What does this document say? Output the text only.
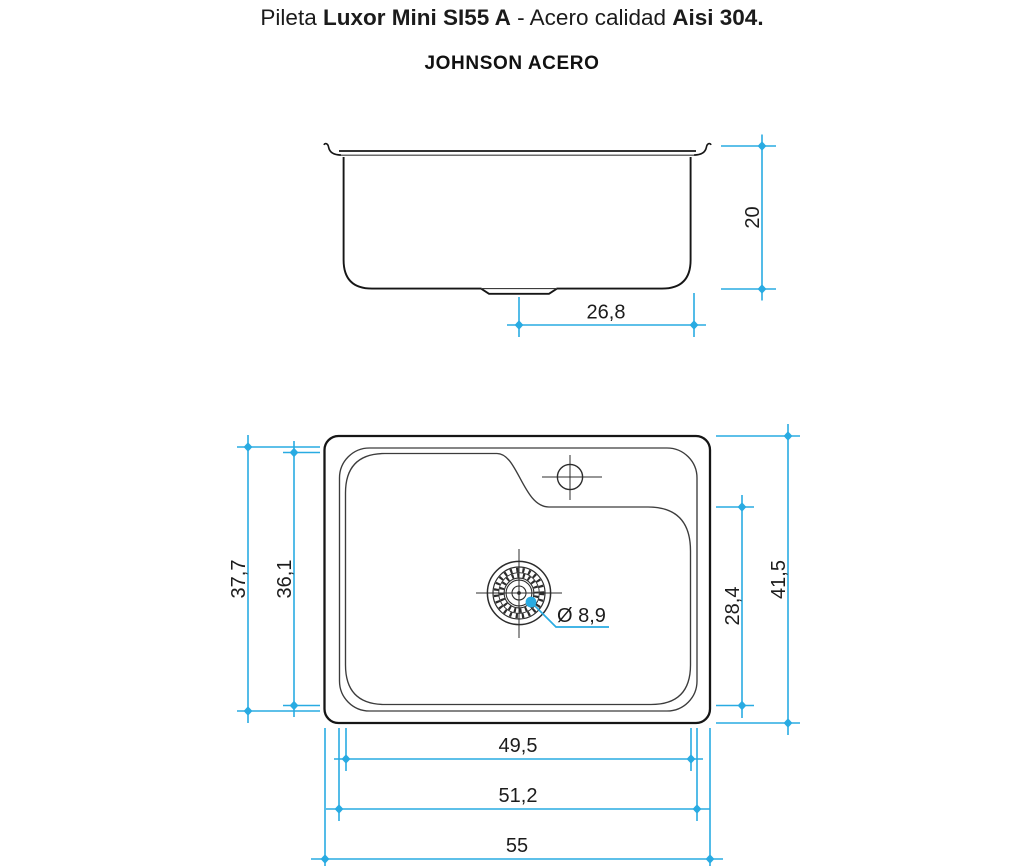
Pileta Luxor Mini SI55 A - Acero calidad Aisi 304.
JOHNSON ACERO
20
26,8
Ø 8,9
37,7 36,1
28,4
41,5
49,5
51,2
55
